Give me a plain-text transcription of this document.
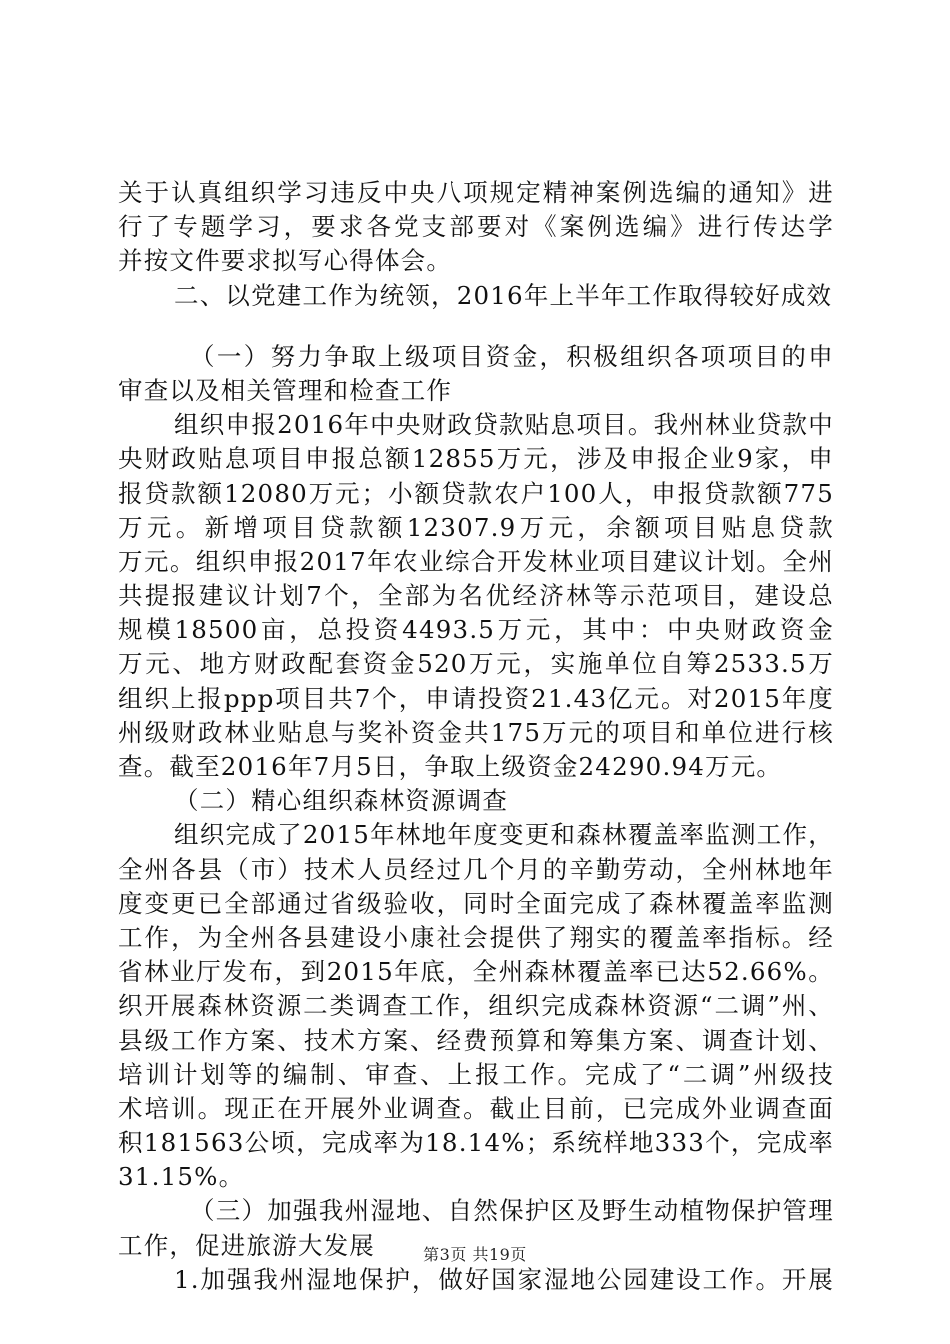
关于认真组织学习违反中央八项规定精神案例选编的通知》进
行了专题学习，要求各党支部要对《案例选编》进行传达学
并按文件要求拟写心得体会。
二、以党建工作为统领，2016年上半年工作取得较好成效
（一）努力争取上级项目资金，积极组织各项项目的申
审查以及相关管理和检查工作
组织申报2016年中央财政贷款贴息项目。我州林业贷款中
央财政贴息项目申报总额12855万元，涉及申报企业9家，申
报贷款额12080万元；小额贷款农户100人，申报贷款额775
万元。新增项目贷款额12307.9万元，余额项目贴息贷款
万元。组织申报2017年农业综合开发林业项目建议计划。全州
共提报建议计划7个，全部为名优经济林等示范项目，建设总
规模18500亩，总投资4493.5万元，其中：中央财政资金
万元、地方财政配套资金520万元，实施单位自筹2533.5万
组织上报ppp项目共7个，申请投资21.43亿元。对2015年度
州级财政林业贴息与奖补资金共175万元的项目和单位进行核
查。截至2016年7月5日，争取上级资金24290.94万元。
（二）精心组织森林资源调查
组织完成了2015年林地年度变更和森林覆盖率监测工作，
全州各县（市）技术人员经过几个月的辛勤劳动，全州林地年
度变更已全部通过省级验收，同时全面完成了森林覆盖率监测
工作，为全州各县建设小康社会提供了翔实的覆盖率指标。经
省林业厅发布，到2015年底，全州森林覆盖率已达52.66%。
织开展森林资源二类调查工作，组织完成森林资源“二调”州、
县级工作方案、技术方案、经费预算和筹集方案、调查计划、
培训计划等的编制、审查、上报工作。完成了“二调”州级技
术培训。现正在开展外业调查。截止目前，已完成外业调查面
积181563公顷，完成率为18.14%；系统样地333个，完成率
31.15%。
（三）加强我州湿地、自然保护区及野生动植物保护管理
工作，促进旅游大发展
1.加强我州湿地保护，做好国家湿地公园建设工作。开展
第3页 共19页
